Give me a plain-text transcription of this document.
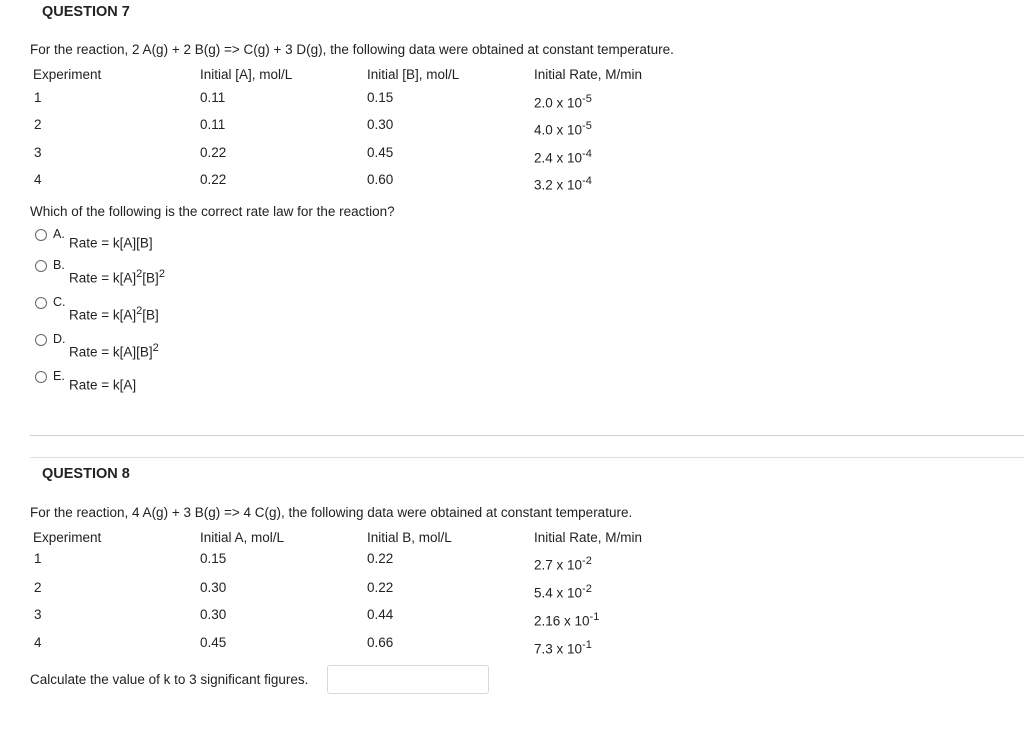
QUESTION 7
For the reaction, 2 A(g) + 2 B(g) => C(g) + 3 D(g), the following data were obtained at constant temperature.
Experiment	Initial [A], mol/L	Initial [B], mol/L	Initial Rate, M/min
1	0.11	0.15	2.0 x $10^{-5}$
2	0.11	0.30	4.0 x $10^{-5}$
3	0.22	0.45	2.4 x $10^{-4}$
4	0.22	0.60	3.2 x $10^{-4}$
Which of the following is the correct rate law for the reaction?
A.
Rate = k[A][B]
B.
Rate = $k[A]^2[B]^2$
C.
Rate = $k[A]^2[B]$
D.
Rate = $k[A][B]^2$
E.
Rate = k[A]
QUESTION 8
For the reaction, 4 A(g) + 3 B(g) => 4 C(g), the following data were obtained at constant temperature.
Experiment	Initial A, mol/L	Initial B, mol/L	Initial Rate, M/min
1	0.15	0.22	2.7 x $10^{-2}$
2	0.30	0.22	5.4 x $10^{-2}$
3	0.30	0.44	2.16 x $10^{-1}$
4	0.45	0.66	7.3 x $10^{-1}$
Calculate the value of k to 3 significant figures.
